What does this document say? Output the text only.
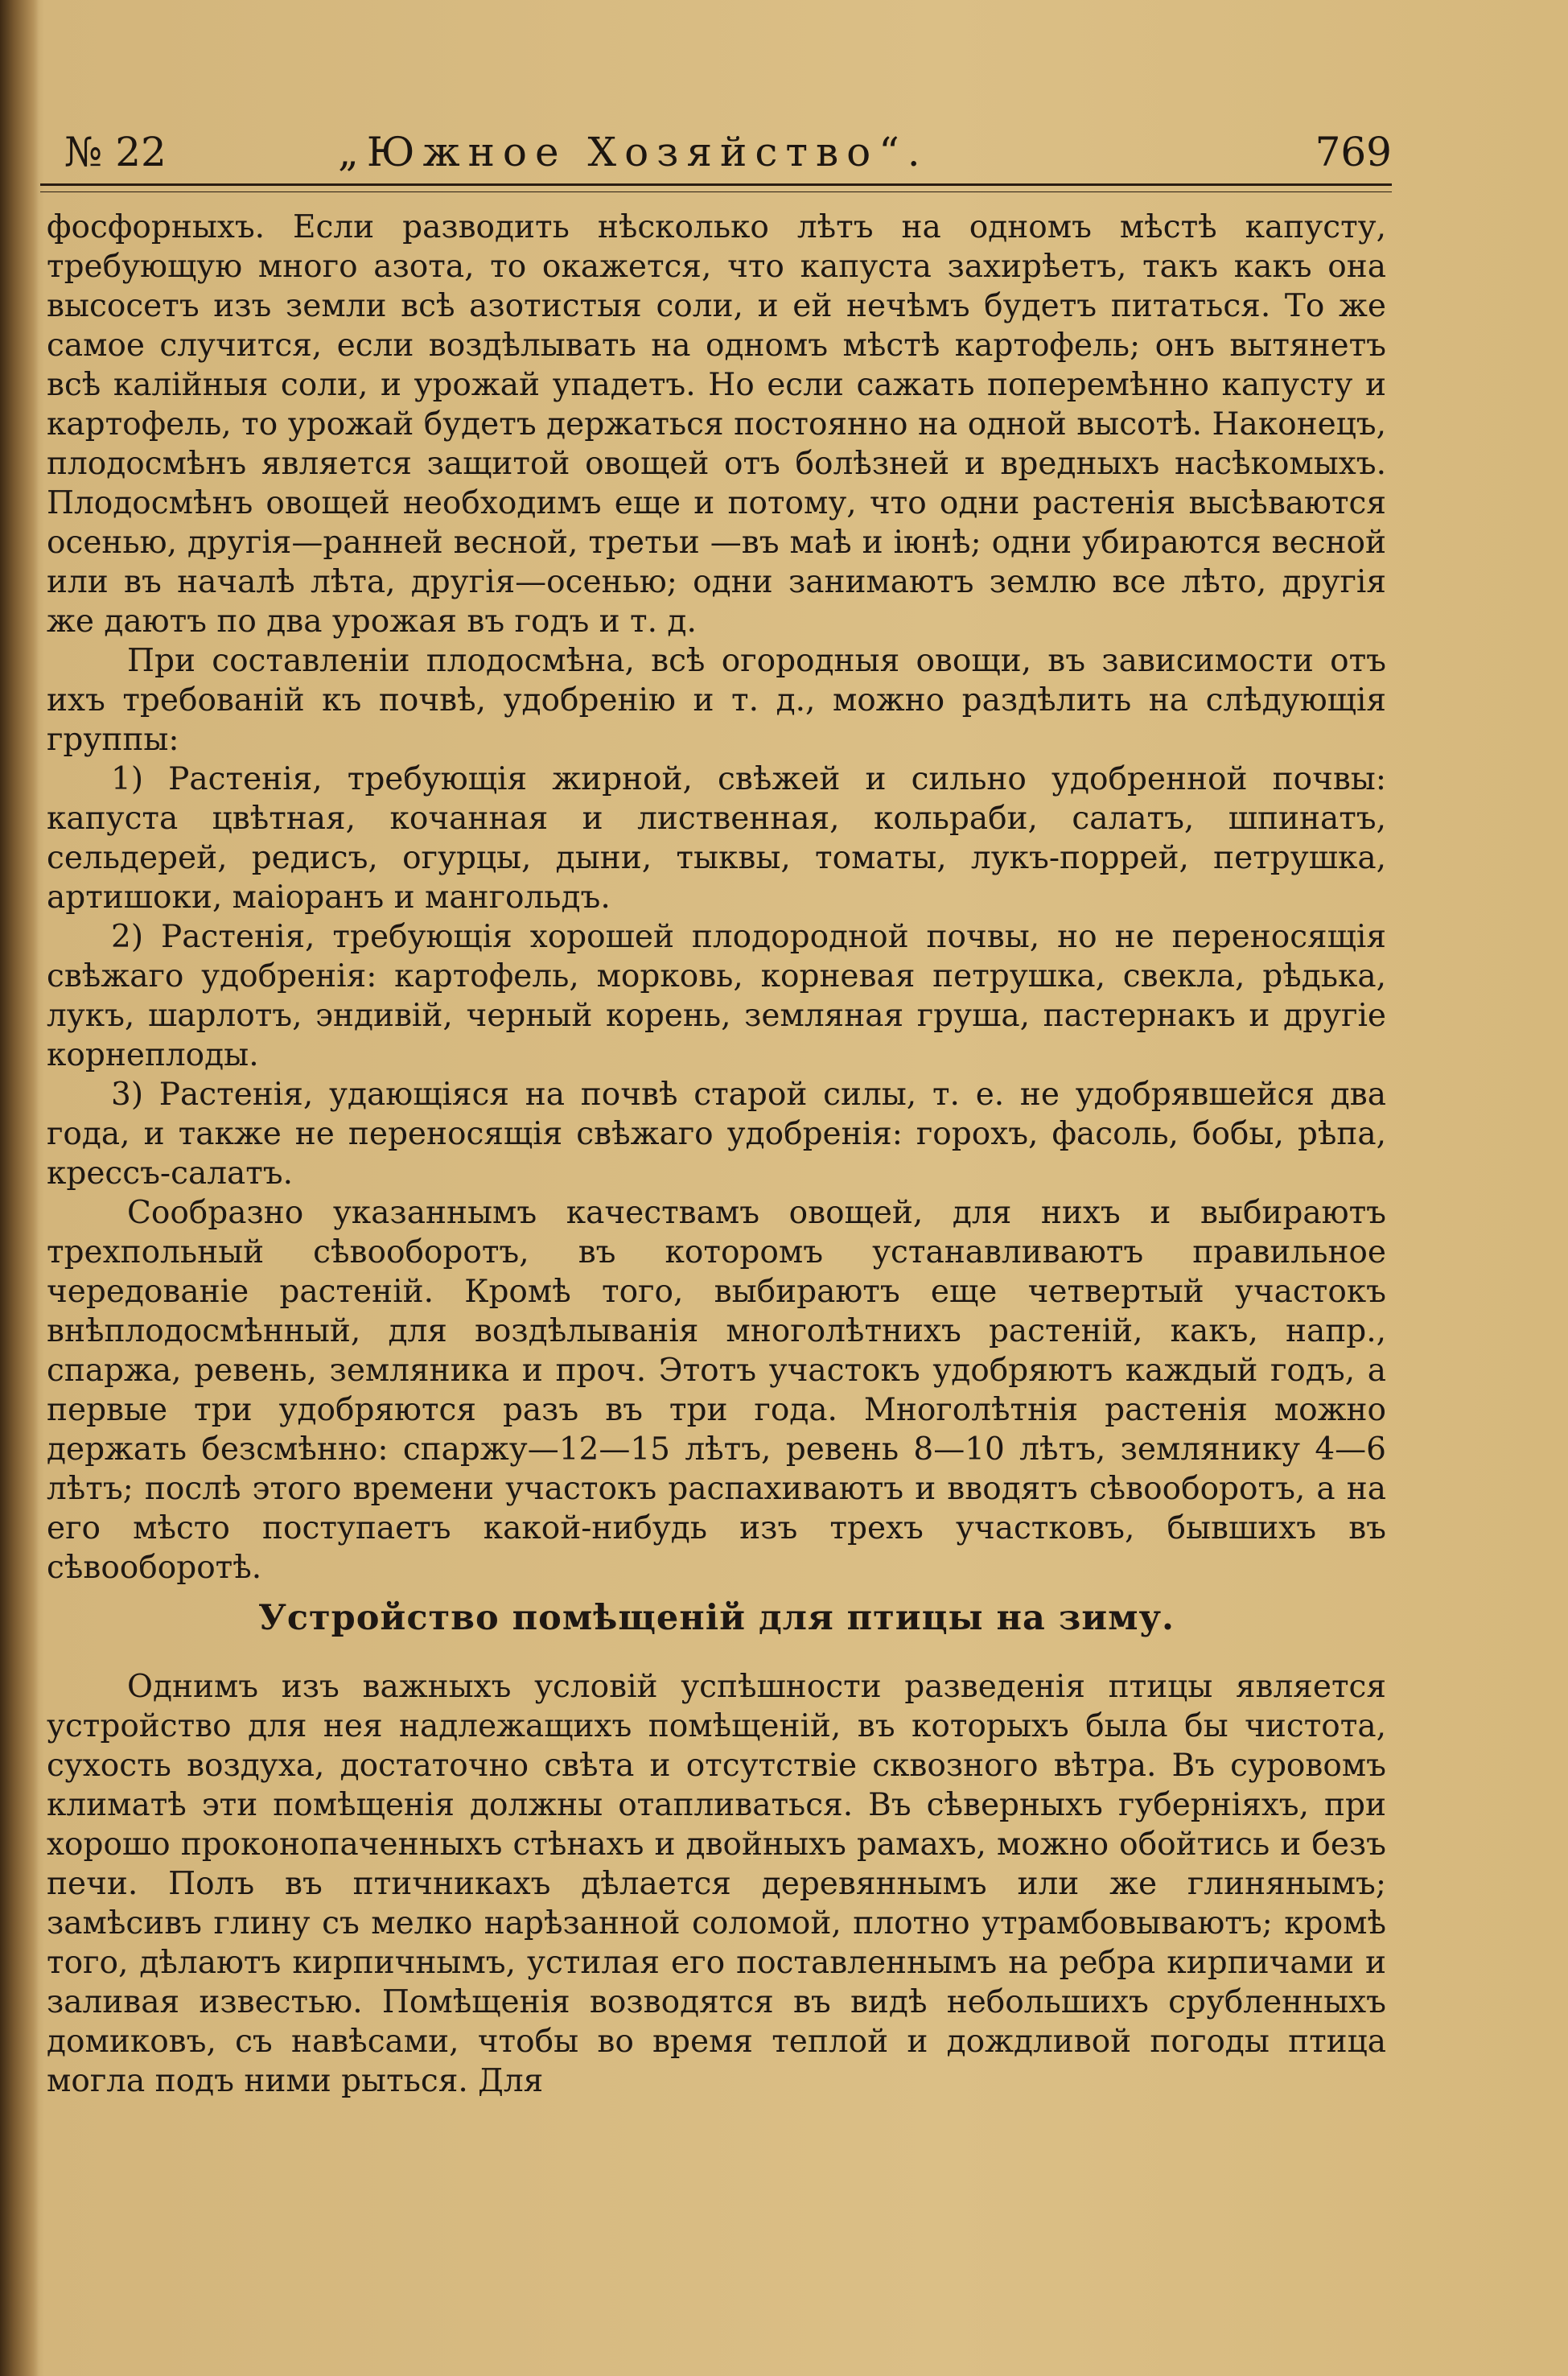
№ 22	„Южное Хозяйство“.	769

фосфорныхъ. Если разводить нѣсколько лѣтъ на одномъ мѣстѣ капусту, требующую много азота, то окажется, что капуста захирѣетъ, такъ какъ она высосетъ изъ земли всѣ азотистыя соли, и ей нечѣмъ будетъ питаться. То же самое случится, если воздѣлывать на одномъ мѣстѣ картофель; онъ вытянетъ всѣ калійныя соли, и урожай упадетъ. Но если сажать поперемѣнно капусту и картофель, то урожай будетъ держаться постоянно на одной высотѣ. Наконецъ, плодосмѣнъ является защитой овощей отъ болѣзней и вредныхъ насѣкомыхъ. Плодосмѣнъ овощей необходимъ еще и потому, что одни растенія высѣваются осенью, другія—ранней весной, третьи —въ маѣ и іюнѣ; одни убираются весной или въ началѣ лѣта, другія—осенью; одни занимаютъ землю все лѣто, другія же даютъ по два урожая въ годъ и т. д.

При составленіи плодосмѣна, всѣ огородныя овощи, въ зависимости отъ ихъ требованій къ почвѣ, удобренію и т. д., можно раздѣлить на слѣдующія группы:

1) Растенія, требующія жирной, свѣжей и сильно удобренной почвы: капуста цвѣтная, кочанная и лиственная, кольраби, салатъ, шпинатъ, сельдерей, редисъ, огурцы, дыни, тыквы, томаты, лукъ-поррей, петрушка, артишоки, маіоранъ и мангольдъ.

2) Растенія, требующія хорошей плодородной почвы, но не переносящія свѣжаго удобренія: картофель, морковь, корневая петрушка, свекла, рѣдька, лукъ, шарлотъ, эндивій, черный корень, земляная груша, пастернакъ и другіе корнеплоды.

3) Растенія, удающіяся на почвѣ старой силы, т. е. не удобрявшейся два года, и также не переносящія свѣжаго удобренія: горохъ, фасоль, бобы, рѣпа, крессъ-салатъ.

Сообразно указаннымъ качествамъ овощей, для нихъ и выбираютъ трехпольный сѣвооборотъ, въ которомъ устанавливаютъ правильное чередованіе растеній. Кромѣ того, выбираютъ еще четвертый участокъ внѣплодосмѣнный, для воздѣлыванія многолѣтнихъ растеній, какъ, напр., спаржа, ревень, земляника и проч. Этотъ участокъ удобряютъ каждый годъ, а первые три удобряются разъ въ три года. Многолѣтнія растенія можно держать безсмѣнно: спаржу—12—15 лѣтъ, ревень 8—10 лѣтъ, землянику 4—6 лѣтъ; послѣ этого времени участокъ распахиваютъ и вводятъ сѣвооборотъ, а на его мѣсто поступаетъ какой-нибудь изъ трехъ участковъ, бывшихъ въ сѣвооборотѣ.

Устройство помѣщеній для птицы на зиму.

Однимъ изъ важныхъ условій успѣшности разведенія птицы является устройство для нея надлежащихъ помѣщеній, въ которыхъ была бы чистота, сухость воздуха, достаточно свѣта и отсутствіе сквозного вѣтра. Въ суровомъ климатѣ эти помѣщенія должны отапливаться. Въ сѣверныхъ губерніяхъ, при хорошо проконопаченныхъ стѣнахъ и двойныхъ рамахъ, можно обойтись и безъ печи. Полъ въ птичникахъ дѣлается деревяннымъ или же глинянымъ; замѣсивъ глину съ мелко нарѣзанной соломой, плотно утрамбовываютъ; кромѣ того, дѣлаютъ кирпичнымъ, устилая его поставленнымъ на ребра кирпичами и заливая известью. Помѣщенія возводятся въ видѣ небольшихъ срубленныхъ домиковъ, съ навѣсами, чтобы во время теплой и дождливой погоды птица могла подъ ними рыться. Для
